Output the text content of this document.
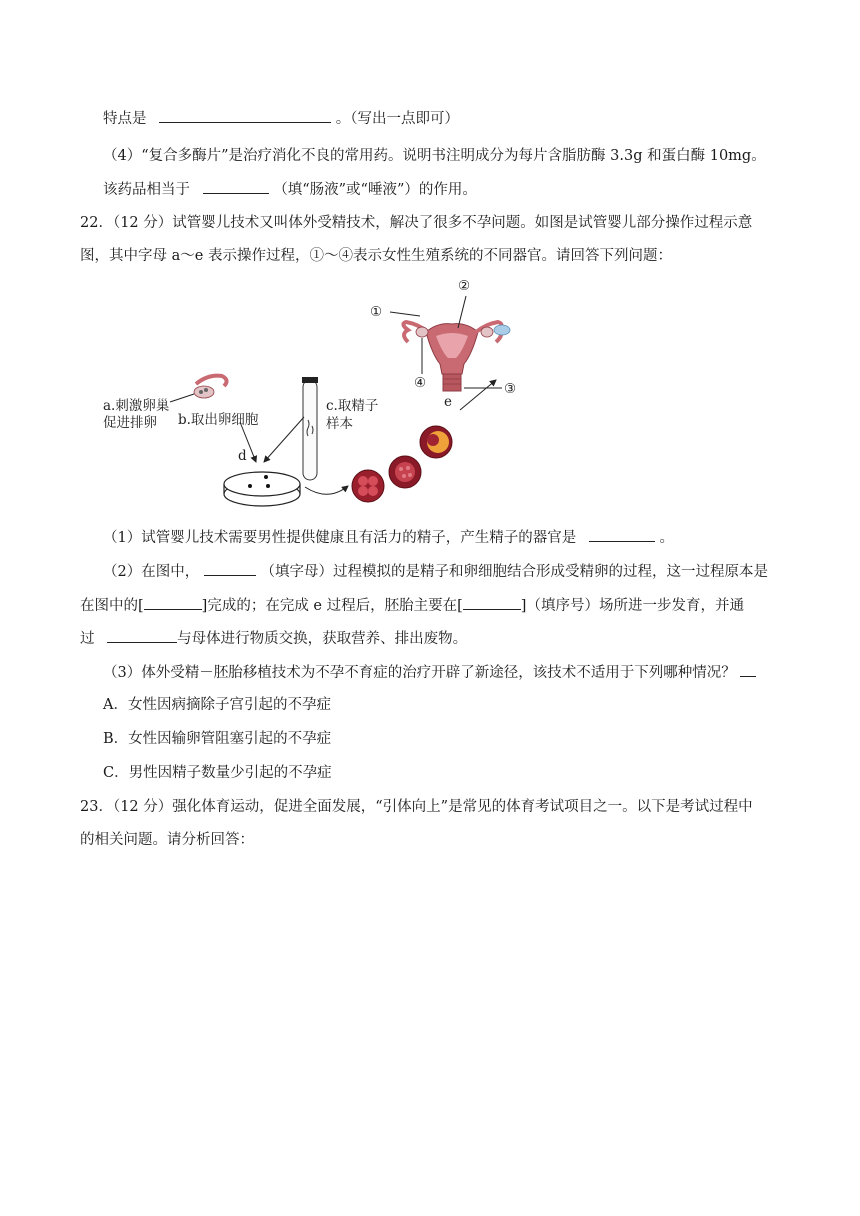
特点是	。（写出一点即可）
（4）“复合多酶片”是治疗消化不良的常用药。说明书注明成分为每片含脂肪酶 3.3g 和蛋白酶 10mg。
该药品相当于	（填“肠液”或“唾液”）的作用。
22．（12 分）试管婴儿技术又叫体外受精技术，解决了很多不孕问题。如图是试管婴儿部分操作过程示意
图，其中字母 a～e 表示操作过程，①～④表示女性生殖系统的不同器官。请回答下列问题：
a.刺激卵巢
促进排卵 b.取出卵细胞
c.取精子
样本
d
e
①
②
③
④
（1）试管婴儿技术需要男性提供健康且有活力的精子，产生精子的器官是	。
（2）在图中，	（填字母）过程模拟的是精子和卵细胞结合形成受精卵的过程，这一过程原本是
在图中的[	]完成的；在完成 e 过程后，胚胎主要在[	]（填序号）场所进一步发育，并通
过	与母体进行物质交换，获取营养、排出废物。
（3）体外受精－胚胎移植技术为不孕不育症的治疗开辟了新途径，该技术不适用于下列哪种情况？
A．女性因病摘除子宫引起的不孕症
B．女性因输卵管阻塞引起的不孕症
C．男性因精子数量少引起的不孕症
23．（12 分）强化体育运动，促进全面发展，“引体向上”是常见的体育考试项目之一。以下是考试过程中
的相关问题。请分析回答：
